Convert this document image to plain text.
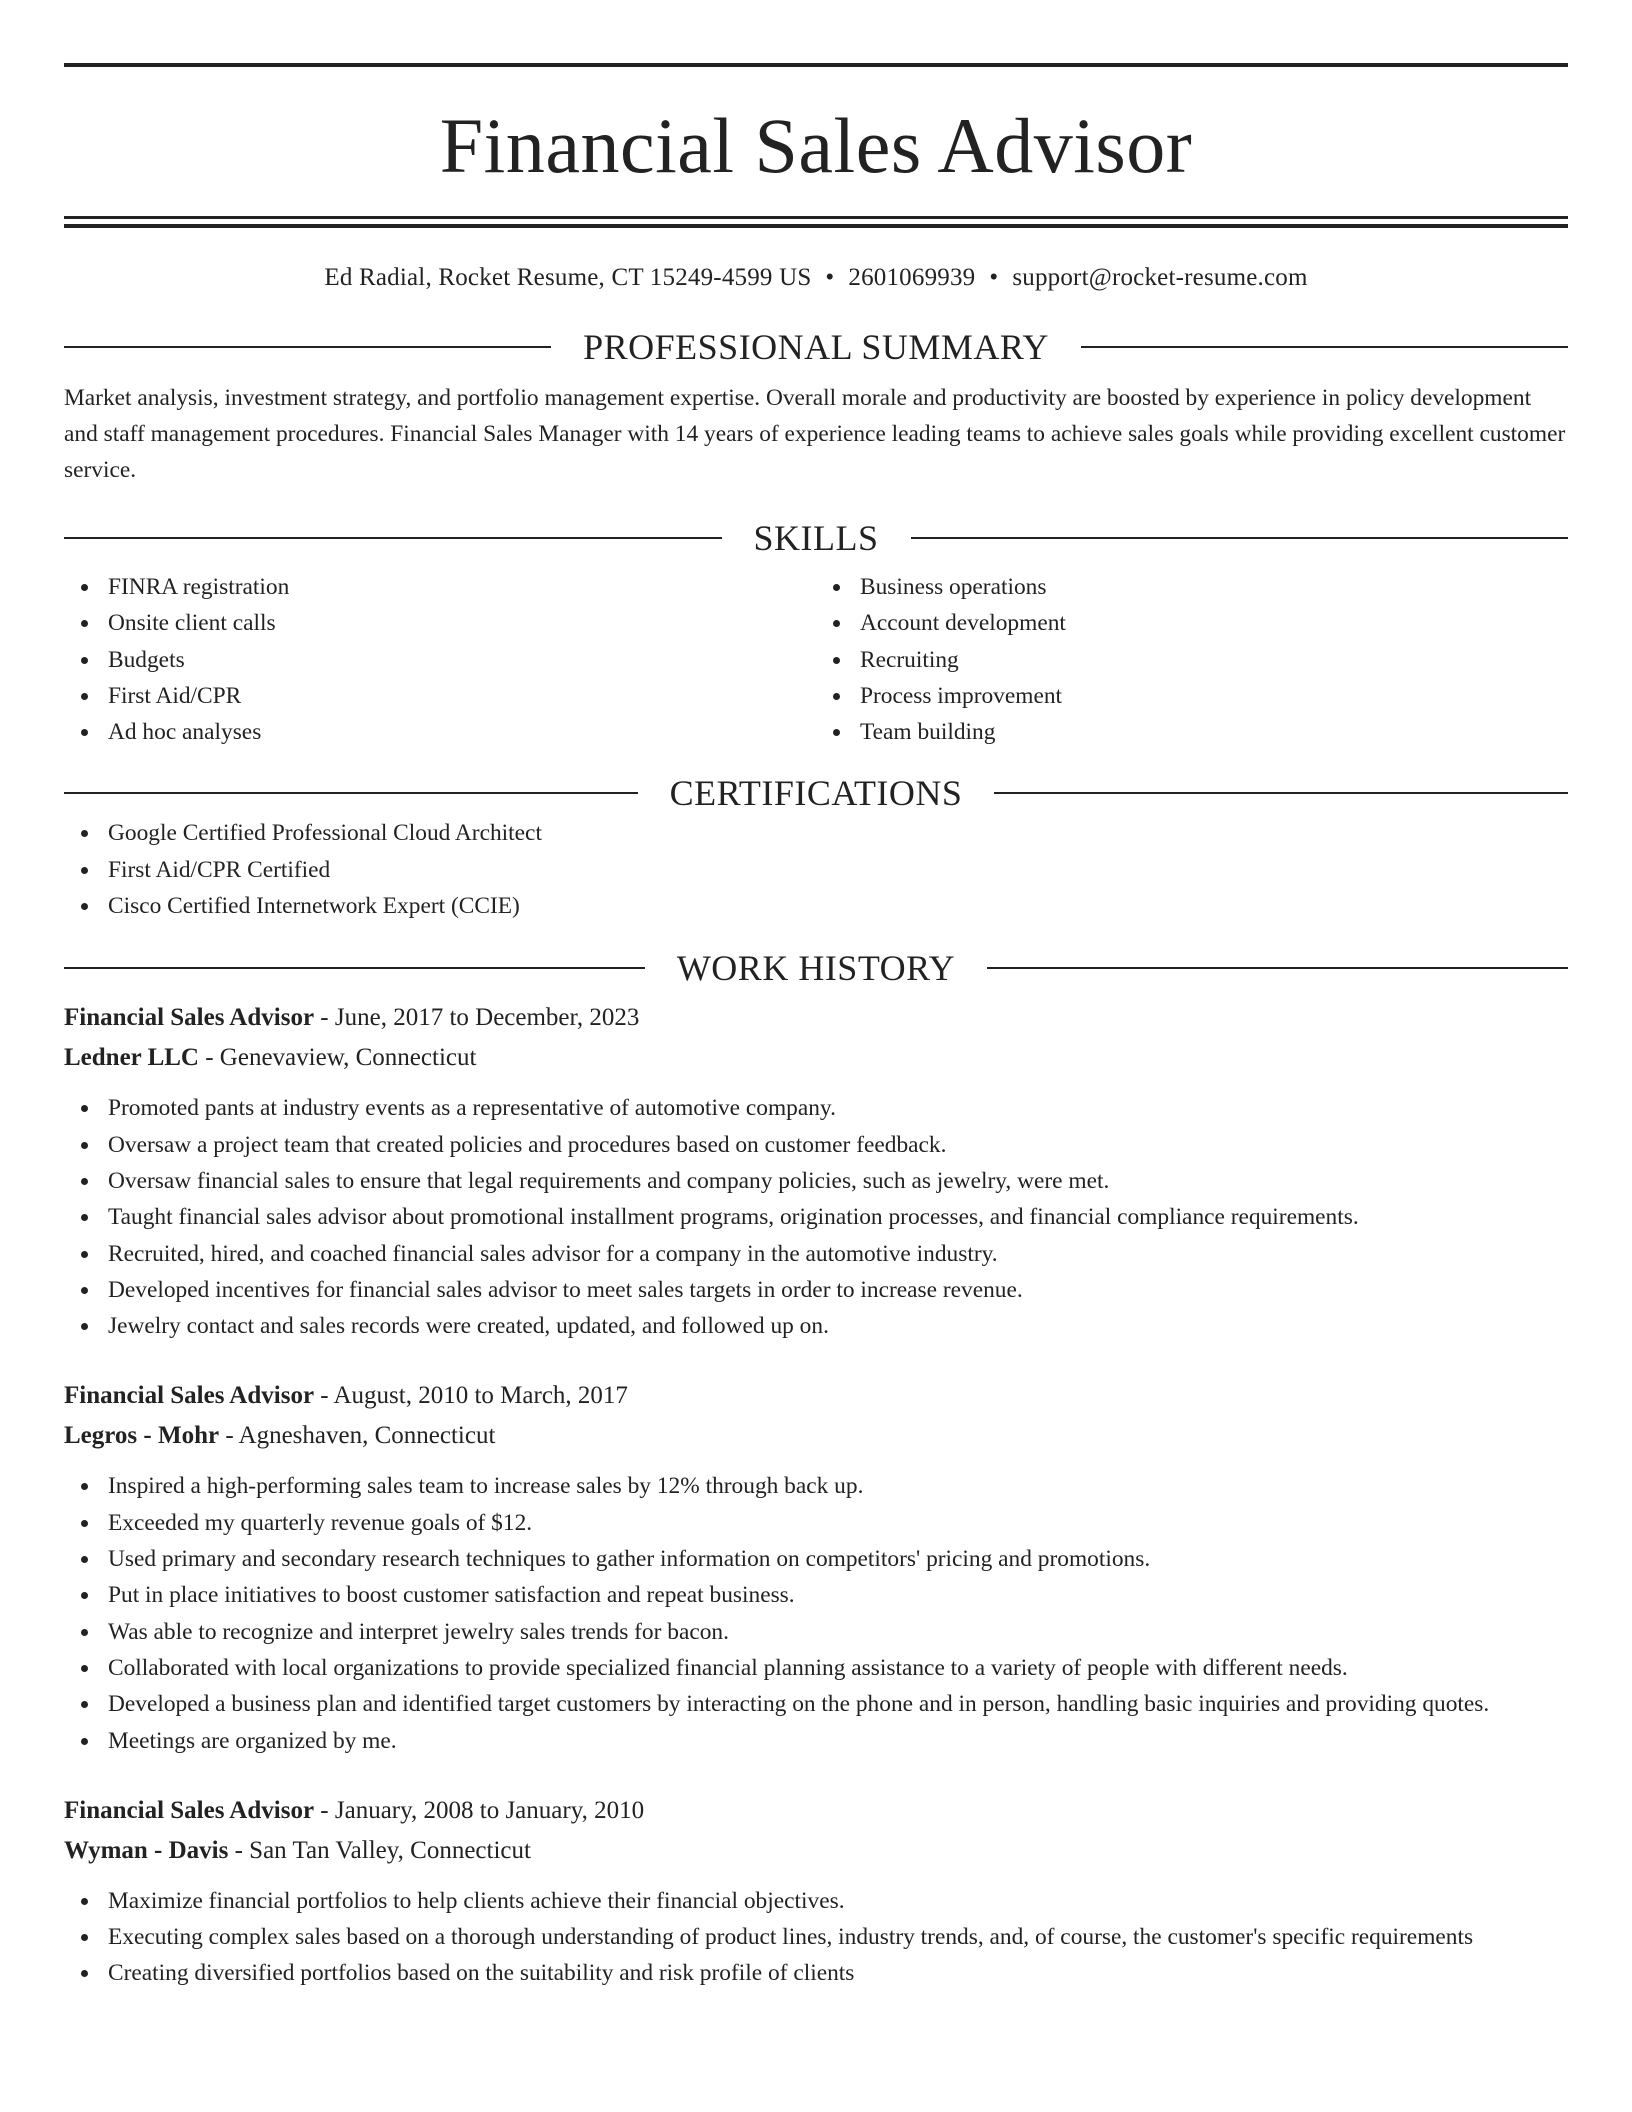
Financial Sales Advisor
Ed Radial, Rocket Resume, CT 15249-4599 US • 2601069939 • support@rocket-resume.com
PROFESSIONAL SUMMARY

Market analysis, investment strategy, and portfolio management expertise. Overall morale and productivity are boosted by experience in policy development and staff management procedures. Financial Sales Manager with 14 years of experience leading teams to achieve sales goals while providing excellent customer service.

SKILLS
FINRA registration
Onsite client calls
Budgets
First Aid/CPR
Ad hoc analyses
Business operations
Account development
Recruiting
Process improvement
Team building
CERTIFICATIONS
Google Certified Professional Cloud Architect
First Aid/CPR Certified
Cisco Certified Internetwork Expert (CCIE)
WORK HISTORY
Financial Sales Advisor - June, 2017 to December, 2023
Ledner LLC - Genevaview, Connecticut
Promoted pants at industry events as a representative of automotive company.
Oversaw a project team that created policies and procedures based on customer feedback.
Oversaw financial sales to ensure that legal requirements and company policies, such as jewelry, were met.
Taught financial sales advisor about promotional installment programs, origination processes, and financial compliance requirements.
Recruited, hired, and coached financial sales advisor for a company in the automotive industry.
Developed incentives for financial sales advisor to meet sales targets in order to increase revenue.
Jewelry contact and sales records were created, updated, and followed up on.
Financial Sales Advisor - August, 2010 to March, 2017
Legros - Mohr - Agneshaven, Connecticut
Inspired a high-performing sales team to increase sales by 12% through back up.
Exceeded my quarterly revenue goals of $12.
Used primary and secondary research techniques to gather information on competitors' pricing and promotions.
Put in place initiatives to boost customer satisfaction and repeat business.
Was able to recognize and interpret jewelry sales trends for bacon.
Collaborated with local organizations to provide specialized financial planning assistance to a variety of people with different needs.
Developed a business plan and identified target customers by interacting on the phone and in person, handling basic inquiries and providing quotes.
Meetings are organized by me.
Financial Sales Advisor - January, 2008 to January, 2010
Wyman - Davis - San Tan Valley, Connecticut
Maximize financial portfolios to help clients achieve their financial objectives.
Executing complex sales based on a thorough understanding of product lines, industry trends, and, of course, the customer's specific requirements
Creating diversified portfolios based on the suitability and risk profile of clients
